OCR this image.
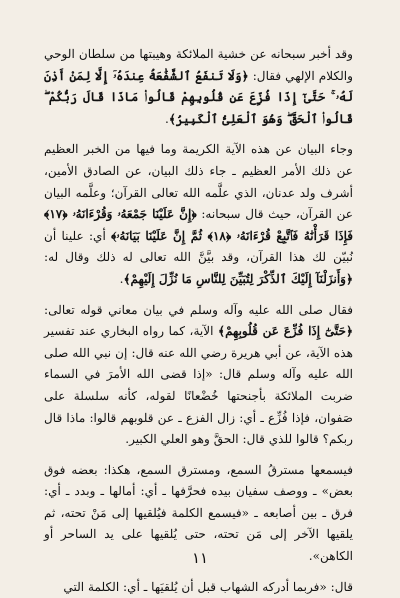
وقد أخبر سبحانه عن خشية الملائكة وهيبتها من سلطان الوحي والكلام الإلهي فقال: ﴿وَلَا تَنفَعُ ٱلشَّفَٰعَةُ عِندَهُۥٓ إِلَّا لِمَنْ أَذِنَ لَهُۥ ۚ حَتَّىٰٓ إِذَا فُزِّعَ عَن قُلُوبِهِمْ قَالُوا۟ مَاذَا قَالَ رَبُّكُمْ ۖ قَالُوا۟ ٱلْحَقَّ ۖ وَهُوَ ٱلْعَلِىُّ ٱلْكَبِيرُ﴾.

وجاء البيان عن هذه الآية الكريمة وما فيها من الخبر العظيم عن ذلك الأمر العظيم ـ جاء ذلك البيان، عن الصادق الأمين، أشرف ولد عدنان، الذي علَّمه الله تعالى القرآن؛ وعلَّمه البيان عن القرآن، حيث قال سبحانه: ﴿إِنَّ عَلَيْنَا جَمْعَهُۥ وَقُرْءَانَهُۥ ﴿١٧﴾ فَإِذَا قَرَأْنَٰهُ فَٱتَّبِعْ قُرْءَانَهُۥ ﴿١٨﴾ ثُمَّ إِنَّ عَلَيْنَا بَيَانَهُۥ﴾ أي: علينا أن نُبيّن لك هذا القرآن، وقد بيَّنَّ الله تعالى له ذلك وقال له: ﴿وَأَنزَلْنَآ إِلَيْكَ ٱلذِّكْرَ لِتُبَيِّنَ لِلنَّاسِ مَا نُزِّلَ إِلَيْهِمْ﴾.

فقال صلى الله عليه وآله وسلم في بيان معاني قوله تعالى: ﴿حَتَّىٰٓ إِذَا فُزِّعَ عَن قُلُوبِهِمْ﴾ الآية، كما رواه البخاري عند تفسير هذه الآية، عن أبي هريرة رضي الله عنه قال: إن نبي الله صلى الله عليه وآله وسلم قال: «إذا قضى الله الأمرَ في السماء ضربت الملائكة بأجنحتها خُضْعانًا لقوله، كأنه سلسلة على صَفوان، فإذا فُزِّع ـ أي: زال الفزع ـ عن قلوبهم قالوا: ماذا قال ربكم؟ قالوا للذي قال: الحقَّ وهو العلي الكبير.

فيسمعها مسترقُ السمع، ومسترق السمع، هكذا: بعضه فوق بعض» ـ ووصف سفيان بيده فحرَّفها ـ أي: أمالها ـ وبدد ـ أي: فرق ـ بين أصابعه ـ «فيسمع الكلمة فيُلقيها إلى مَنْ تحته، ثم يلقيها الآخر إلى مَن تحته، حتى يُلقيها على يد الساحر أو الكاهن».

قال: «فربما أدركه الشهاب قبل أن يُلقيَها ـ أي: الكلمة التي

١١
